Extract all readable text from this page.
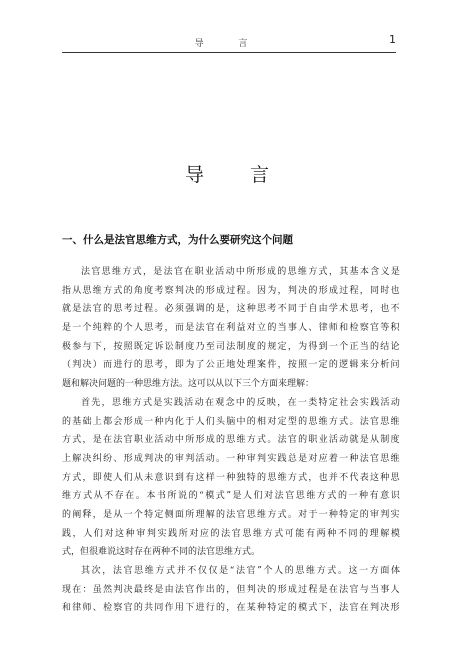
导 言	1
导言
一、什么是法官思维方式，为什么要研究这个问题
法 官 思 维 方 式 ， 是 法 官 在 职 业 活 动 中 所 形 成 的 思 维 方 式 ， 其 基 本 含 义 是
指 从 思 维 方 式 的 角 度 考 察 判 决 的 形 成 过 程 。 因 为 ， 判 决 的 形 成 过 程 ， 同 时 也
就 是 法 官 的 思 考 过 程 。 必 须 强 调 的 是 ， 这 种 思 考 不 同 于 自 由 学 术 思 考 ， 也 不
是 一 个 纯 粹 的 个 人 思 考 ， 而 是 法 官 在 利 益 对 立 的 当 事 人 、 律 师 和 检 察 官 等 积
极 参 与 下 ， 按 照 既 定 诉 讼 制 度 乃 至 司 法 制 度 的 规 定 ， 为 得 到 一 个 正 当 的 结 论
（ 判 决 ） 而 进 行 的 思 考 ， 即 为 了 公 正 地 处 理 案 件 ， 按 照 一 定 的 逻 辑 来 分 析 问
题和解决问题的一种思维方法。这可以从以下三个方面来理解：
首 先 ， 思 维 方 式 是 实 践 活 动 在 观 念 中 的 反 映 ， 在 一 类 特 定 社 会 实 践 活 动
的 基 础 上 都 会 形 成 一 种 内 化 于 人 们 头 脑 中 的 相 对 定 型 的 思 维 方 式 。 法 官 思 维
方 式 ， 是 在 法 官 职 业 活 动 中 所 形 成 的 思 维 方 式 。 法 官 的 职 业 活 动 就 是 从 制 度
上 解 决 纠 纷 、 形 成 判 决 的 审 判 活 动 。 一 种 审 判 实 践 总 是 对 应 着 一 种 法 官 思 维
方 式 ， 即 使 人 们 从 未 意 识 到 有 这 样 一 种 独 特 的 思 维 方 式 ， 也 并 不 代 表 这 种 思
维 方 式 从 不 存 在 。 本 书 所 说 的 “ 模 式 ” 是 人 们 对 法 官 思 维 方 式 的 一 种 有 意 识
的 阐 释 ， 是 从 一 个 特 定 侧 面 所 理 解 的 法 官 思 维 方 式 。 对 于 一 种 特 定 的 审 判 实
践 ， 人 们 对 这 种 审 判 实 践 所 对 应 的 法 官 思 维 方 式 可 能 有 两 种 不 同 的 理 解 模
式，但很难说这时存在两种不同的法官思维方式。
其 次 ， 法 官 思 维 方 式 并 不 仅 仅 是 “ 法 官 ” 个 人 的 思 维 方 式 。 这 一 方 面 体
现 在 ： 虽 然 判 决 最 终 是 由 法 官 作 出 的 ， 但 判 决 的 形 成 过 程 是 在 法 官 与 当 事 人
和 律 师 、 检 察 官 的 共 同 作 用 下 进 行 的 ， 在 某 种 特 定 的 模 式 下 ， 法 官 在 判 决 形
